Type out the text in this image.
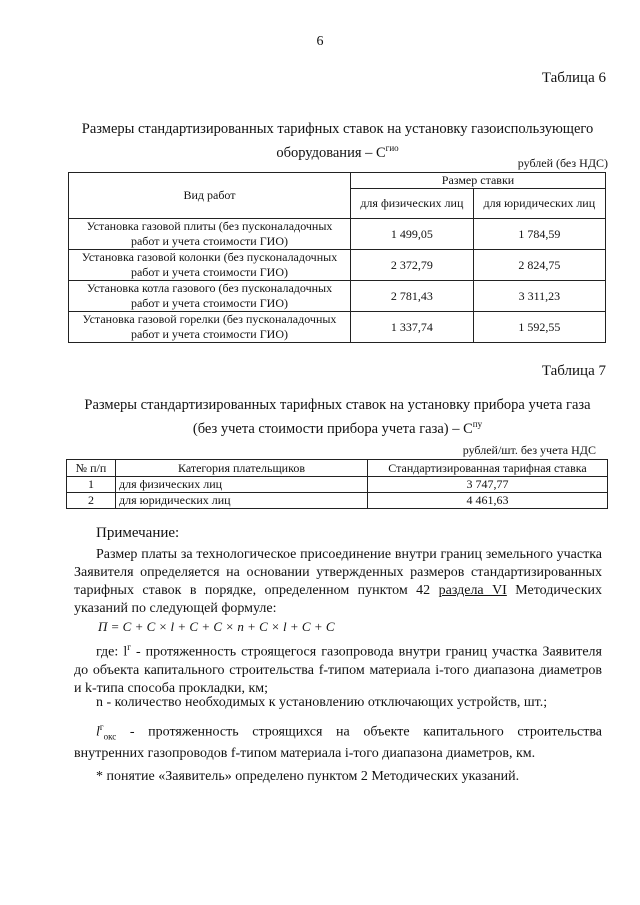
6
Таблица 6
Размеры стандартизированных тарифных ставок на установку газоиспользующего
оборудования – $С^{гио}$
рублей (без НДС)
Вид работ	Размер ставки	
	для физических лиц	для юридических лиц
Установка газовой плиты (без пусконаладочных работ и учета стоимости ГИО)	1 499,05	1 784,59
Установка газовой колонки (без пусконаладочных работ и учета стоимости ГИО)	2 372,79	2 824,75
Установка котла газового (без пусконаладочных работ и учета стоимости ГИО)	2 781,43	3 311,23
Установка газовой горелки (без пусконаладочных работ и учета стоимости ГИО)	1 337,74	1 592,55
Таблица 7
Размеры стандартизированных тарифных ставок на установку прибора учета газа
(без учета стоимости прибора учета газа) – $С^{пу}$
рублей/шт. без учета НДС
№ п/п	Категория плательщиков	Стандартизированная тарифная ставка
1	для физических лиц	3 747,77
2	для юридических лиц	4 461,63
Примечание:
Размер платы за технологическое присоединение внутри границ земельного участка Заявителя определяется на основании утвержденных размеров стандартизированных тарифных ставок в порядке, определенном пунктом 42 раздела VI Методических указаний по следующей формуле:
П = С + С × l + С + С × n + С × l + С + С
где: $l^г$ - протяженность строящегося газопровода внутри границ участка Заявителя до объекта капитального строительства f-типом материала i-того диапазона диаметров и k-типа способа прокладки, км;
n - количество необходимых к установлению отключающих устройств, шт.;
$l^г_{окс}$ - протяженность строящихся на объекте капитального строительства внутренних газопроводов f-типом материала i-того диапазона диаметров, км.
* понятие «Заявитель» определено пунктом 2 Методических указаний.
